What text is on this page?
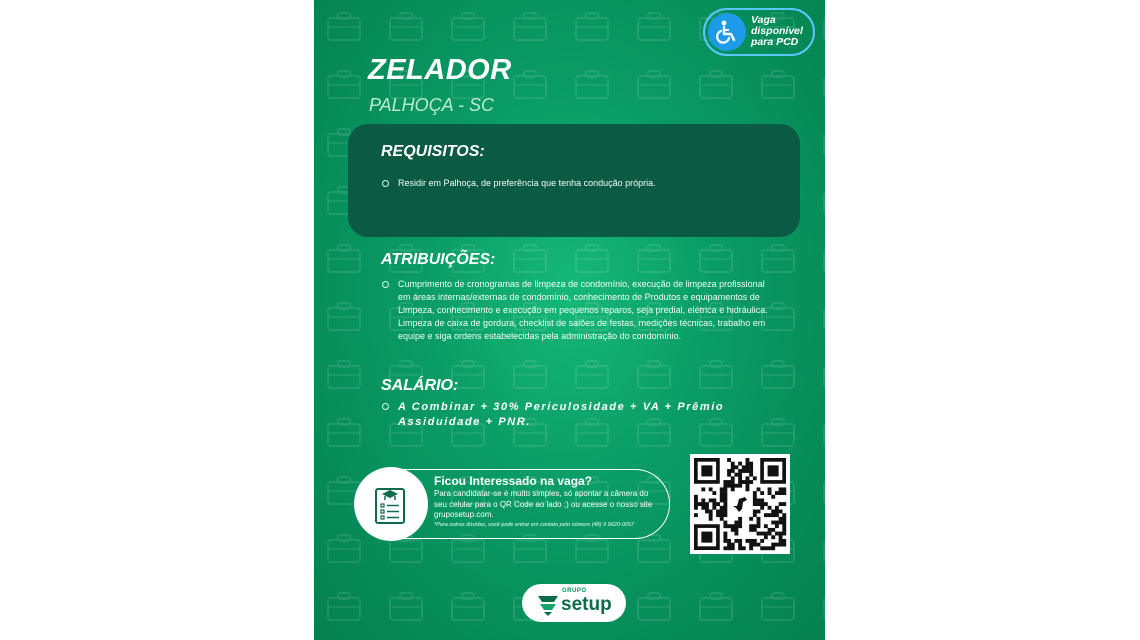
Vaga
disponível
para PCD
ZELADOR
PALHOÇA - SC
REQUISITOS:
Residir em Palhoça, de preferência que tenha condução própria.
ATRIBUIÇÕES:
Cumprimento de cronogramas de limpeza de condomínio, execução de limpeza profissional em áreas internas/externas de condomínio, conhecimento de Produtos e equipamentos de Limpeza, conhecimento e execução em pequenos reparos, seja predial, elétrica e hidráulica. Limpeza de caixa de gordura, checklist de salões de festas, medições técnicas, trabalho em equipe e siga ordens estabelecidas pela administração do condomínio.
SALÁRIO:
A Combinar + 30% Periculosidade + VA + Prêmio Assiduidade + PNR.
Ficou Interessado na vaga?
Para candidatar-se é muito simples, só apontar a câmera do seu celular para o QR Code ao lado ;) ou acesse o nosso site gruposetup.com.
*Para outras dúvidas, você pode entrar em contato pelo número (48) 9 9620-0057
GRUPO
setup
